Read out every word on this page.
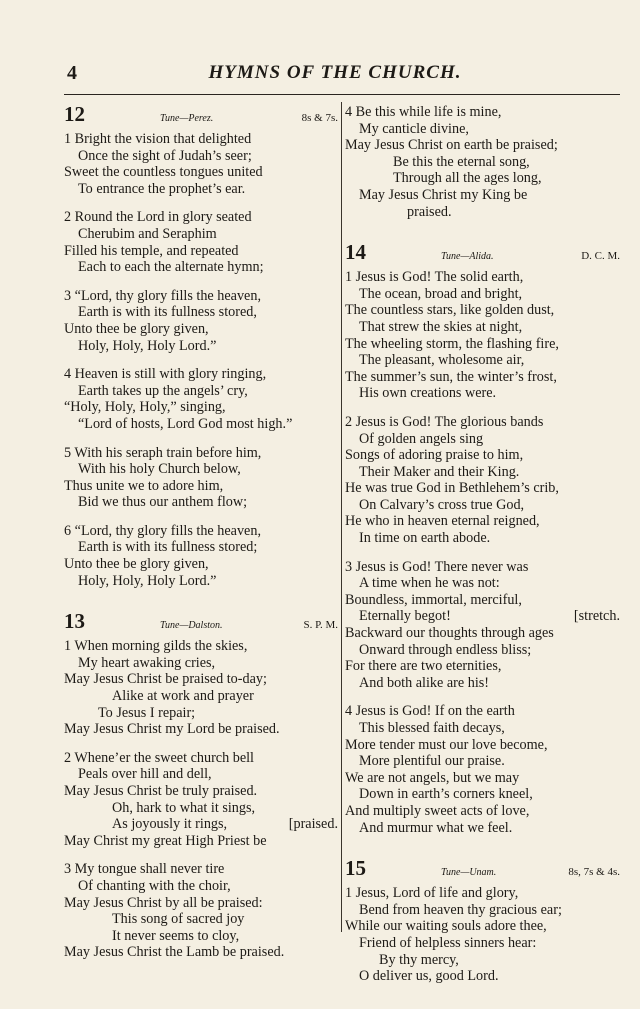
4	HYMNS OF THE CHURCH.
12	Tune—Perez.	8s & 7s.
1 Bright the vision that delighted
Once the sight of Judah’s seer;
Sweet the countless tongues united
To entrance the prophet’s ear.
2 Round the Lord in glory seated
Cherubim and Seraphim
Filled his temple, and repeated
Each to each the alternate hymn;
3 “Lord, thy glory fills the heaven,
Earth is with its fullness stored,
Unto thee be glory given,
Holy, Holy, Holy Lord.”
4 Heaven is still with glory ringing,
Earth takes up the angels’ cry,
“Holy, Holy, Holy,” singing,
“Lord of hosts, Lord God most high.”
5 With his seraph train before him,
With his holy Church below,
Thus unite we to adore him,
Bid we thus our anthem flow;
6 “Lord, thy glory fills the heaven,
Earth is with its fullness stored;
Unto thee be glory given,
Holy, Holy, Holy Lord.”
13	Tune—Dalston.	S. P. M.
1 When morning gilds the skies,
My heart awaking cries,
May Jesus Christ be praised to-day;
Alike at work and prayer
To Jesus I repair;
May Jesus Christ my Lord be praised.
2 Whene’er the sweet church bell
Peals over hill and dell,
May Jesus Christ be truly praised.
Oh, hark to what it sings,
As joyously it rings,	[praised.
May Christ my great High Priest be
3 My tongue shall never tire
Of chanting with the choir,
May Jesus Christ by all be praised:
This song of sacred joy
It never seems to cloy,
May Jesus Christ the Lamb be praised.
4 Be this while life is mine,
My canticle divine,
May Jesus Christ on earth be praised;
Be this the eternal song,
Through all the ages long,
May Jesus Christ my King be
praised.
14	Tune—Alida.	D. C. M.
1 Jesus is God! The solid earth,
The ocean, broad and bright,
The countless stars, like golden dust,
That strew the skies at night,
The wheeling storm, the flashing fire,
The pleasant, wholesome air,
The summer’s sun, the winter’s frost,
His own creations were.
2 Jesus is God! The glorious bands
Of golden angels sing
Songs of adoring praise to him,
Their Maker and their King.
He was true God in Bethlehem’s crib,
On Calvary’s cross true God,
He who in heaven eternal reigned,
In time on earth abode.
3 Jesus is God! There never was
A time when he was not:
Boundless, immortal, merciful,
Eternally begot!	[stretch.
Backward our thoughts through ages
Onward through endless bliss;
For there are two eternities,
And both alike are his!
4 Jesus is God! If on the earth
This blessed faith decays,
More tender must our love become,
More plentiful our praise.
We are not angels, but we may
Down in earth’s corners kneel,
And multiply sweet acts of love,
And murmur what we feel.
15	Tune—Unam.	8s, 7s & 4s.
1 Jesus, Lord of life and glory,
Bend from heaven thy gracious ear;
While our waiting souls adore thee,
Friend of helpless sinners hear:
By thy mercy,
O deliver us, good Lord.
